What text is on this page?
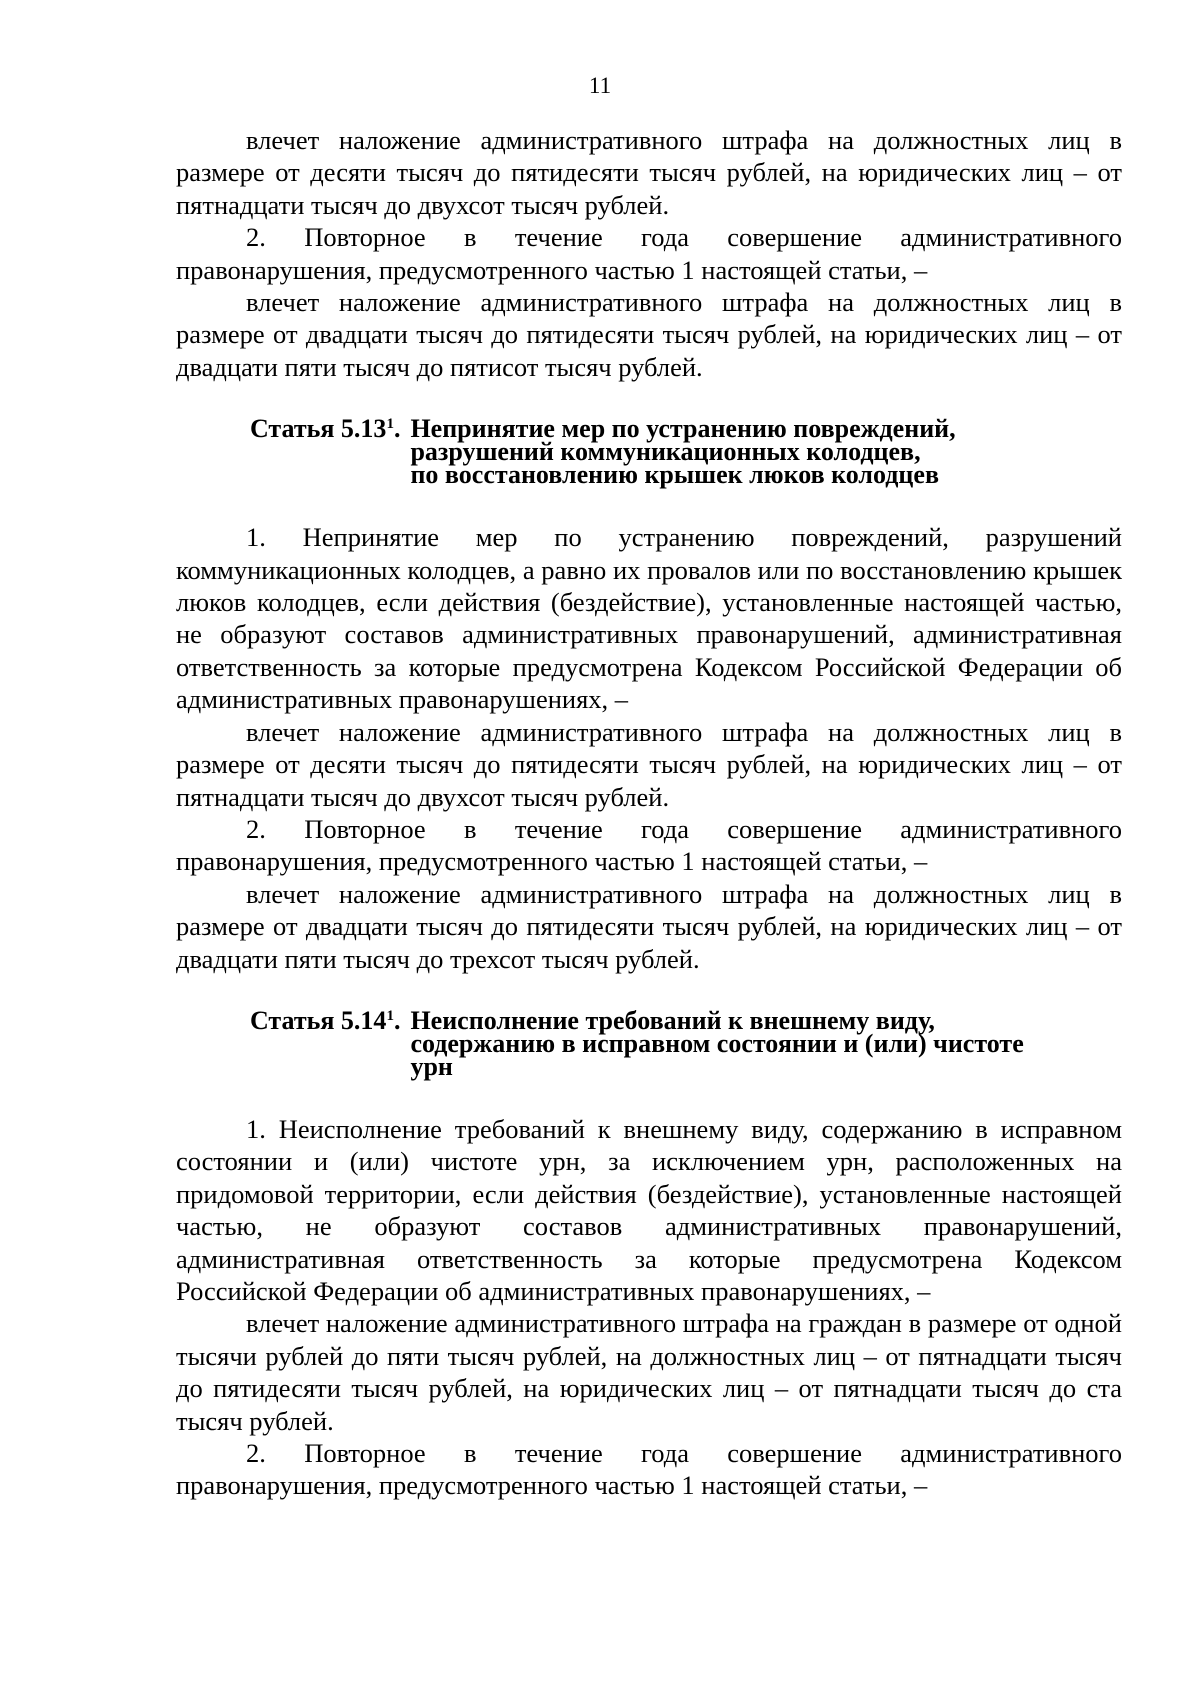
11

влечет наложение административного штрафа на должностных лиц в размере от десяти тысяч до пятидесяти тысяч рублей, на юридических лиц – от пятнадцати тысяч до двухсот тысяч рублей.

2. Повторное в течение года совершение административного правонарушения, предусмотренного частью 1 настоящей статьи, –

влечет наложение административного штрафа на должностных лиц в размере от двадцати тысяч до пятидесяти тысяч рублей, на юридических лиц – от двадцати пяти тысяч до пятисот тысяч рублей.

Статья 5.13$^1$. Непринятие мер по устранению повреждений,
разрушений коммуникационных колодцев,
по восстановлению крышек люков колодцев

1. Непринятие мер по устранению повреждений, разрушений коммуникационных колодцев, а равно их провалов или по восстановлению крышек люков колодцев, если действия (бездействие), установленные настоящей частью, не образуют составов административных правонарушений, административная ответственность за которые предусмотрена Кодексом Российской Федерации об административных правонарушениях, –

влечет наложение административного штрафа на должностных лиц в размере от десяти тысяч до пятидесяти тысяч рублей, на юридических лиц – от пятнадцати тысяч до двухсот тысяч рублей.

2. Повторное в течение года совершение административного правонарушения, предусмотренного частью 1 настоящей статьи, –

влечет наложение административного штрафа на должностных лиц в размере от двадцати тысяч до пятидесяти тысяч рублей, на юридических лиц – от двадцати пяти тысяч до трехсот тысяч рублей.

Статья 5.14$^1$. Неисполнение требований к внешнему виду,
содержанию в исправном состоянии и (или) чистоте
урн

1. Неисполнение требований к внешнему виду, содержанию в исправном состоянии и (или) чистоте урн, за исключением урн, расположенных на придомовой территории, если действия (бездействие), установленные настоящей частью, не образуют составов административных правонарушений, административная ответственность за которые предусмотрена Кодексом Российской Федерации об административных правонарушениях, –

влечет наложение административного штрафа на граждан в размере от одной тысячи рублей до пяти тысяч рублей, на должностных лиц – от пятнадцати тысяч до пятидесяти тысяч рублей, на юридических лиц – от пятнадцати тысяч до ста тысяч рублей.

2. Повторное в течение года совершение административного правонарушения, предусмотренного частью 1 настоящей статьи, –
